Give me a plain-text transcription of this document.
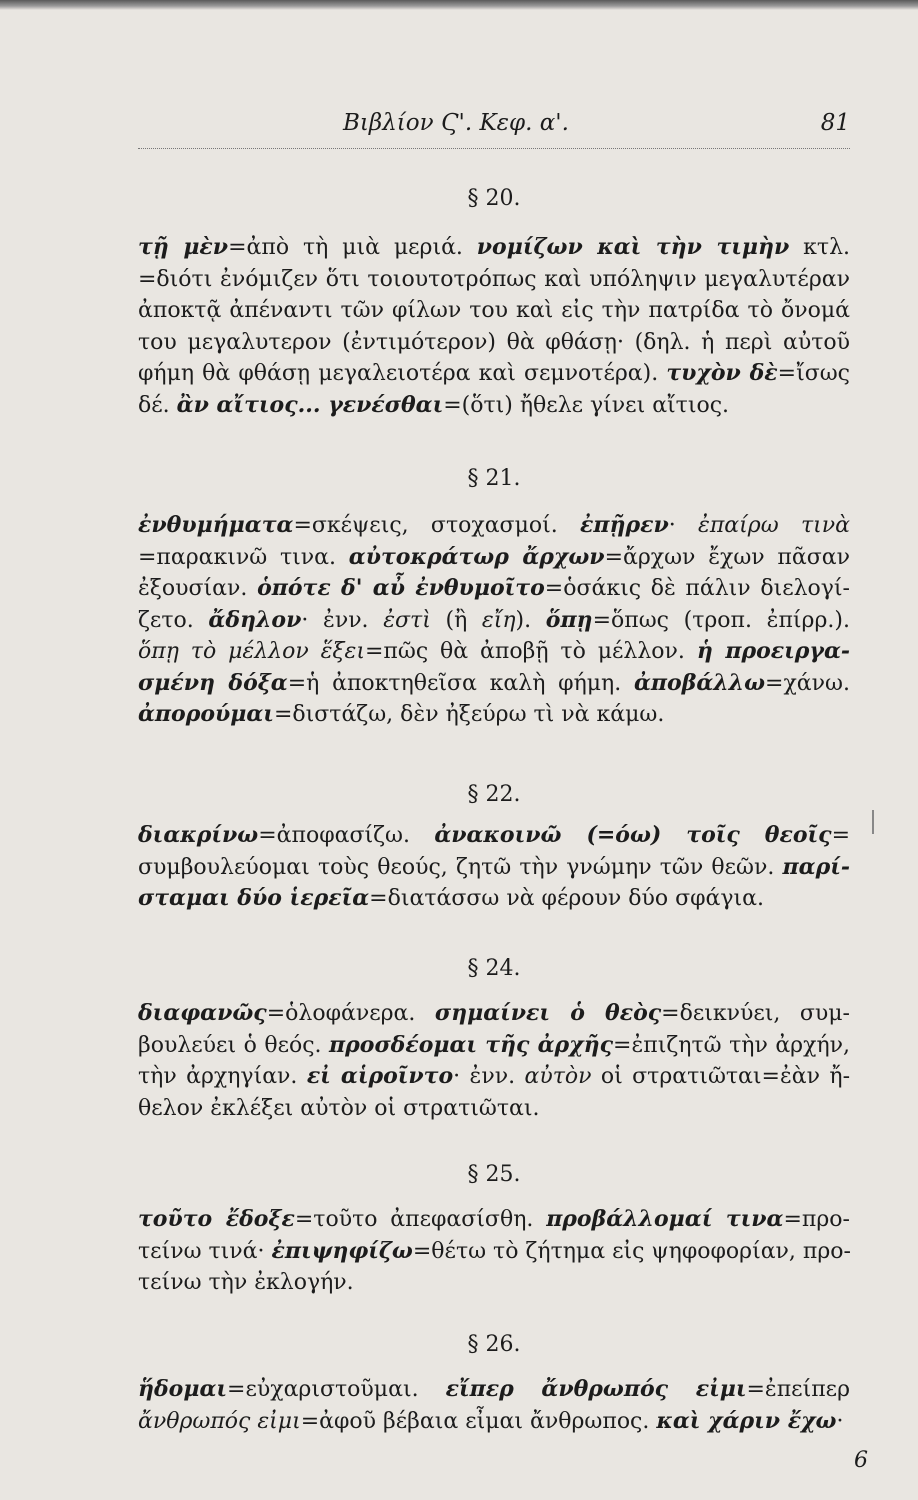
Βιβλίον Ϛ'. Κεφ. α'.	81
§ 20.
τῇ μὲν=ἀπὸ τὴ μιὰ μεριά. νομίζων καὶ τὴν τιμὴν κτλ.
=διότι ἐνόμιζεν ὅτι τοιουτοτρόπως καὶ υπόληψιν μεγαλυτέραν
ἀποκτᾷ ἀπέναντι τῶν φίλων του καὶ εἰς τὴν πατρίδα τὸ ὄνομά
του μεγαλυτερον (ἐντιμότερον) θὰ φθάσῃ· (δηλ. ἡ περὶ αὐτοῦ
φήμη θὰ φθάσῃ μεγαλειοτέρα καὶ σεμνοτέρα). τυχὸν δὲ=ἴσως
δέ. ἂν αἴτιος... γενέσθαι=(ὅτι) ἤθελε γίνει αἴτιος.
§ 21.
ἐνθυμήματα=σκέψεις, στοχασμοί. ἐπῇρεν· ἐπαίρω τινὰ
=παρακινῶ τινα. αὐτοκράτωρ ἄρχων=ἄρχων ἔχων πᾶσαν
ἐξουσίαν. ὁπότε δ' αὖ ἐνθυμοῖτο=ὁσάκις δὲ πάλιν διελογί-
ζετο. ἄδηλον· ἐνν. ἐστὶ (ἢ εἴη). ὅπῃ=ὅπως (τροπ. ἐπίρρ.).
ὅπῃ τὸ μέλλον ἕξει=πῶς θὰ ἀποβῇ τὸ μέλλον. ἡ προειργα-
σμένη δόξα=ἡ ἀποκτηθεῖσα καλὴ φήμη. ἀποβάλλω=χάνω.
ἀπορούμαι=διστάζω, δὲν ἠξεύρω τὶ νὰ κάμω.
§ 22.
διακρίνω=ἀποφασίζω. ἀνακοινῶ (=όω) τοῖς θεοῖς=
συμβουλεύομαι τοὺς θεούς, ζητῶ τὴν γνώμην τῶν θεῶν. παρί-
σταμαι δύο ἱερεῖα=διατάσσω νὰ φέρουν δύο σφάγια.
§ 24.
διαφανῶς=ὁλοφάνερα. σημαίνει ὁ θεὸς=δεικνύει, συμ-
βουλεύει ὁ θεός. προσδέομαι τῆς ἀρχῆς=ἐπιζητῶ τὴν ἀρχήν,
τὴν ἀρχηγίαν. εἰ αἱροῖντο· ἐνν. αὐτὸν οἱ στρατιῶται=ἐὰν ἤ-
θελον ἐκλέξει αὐτὸν οἱ στρατιῶται.
§ 25.
τοῦτο ἔδοξε=τοῦτο ἀπεφασίσθη. προβάλλομαί τινα=προ-
τείνω τινά· ἐπιψηφίζω=θέτω τὸ ζήτημα εἰς ψηφοφορίαν, προ-
τείνω τὴν ἐκλογήν.
§ 26.
ἥδομαι=εὐχαριστοῦμαι. εἴπερ ἄνθρωπός εἰμι=ἐπείπερ
ἄνθρωπός εἰμι=ἀφοῦ βέβαια εἶμαι ἄνθρωπος. καὶ χάριν ἔχω·
6
